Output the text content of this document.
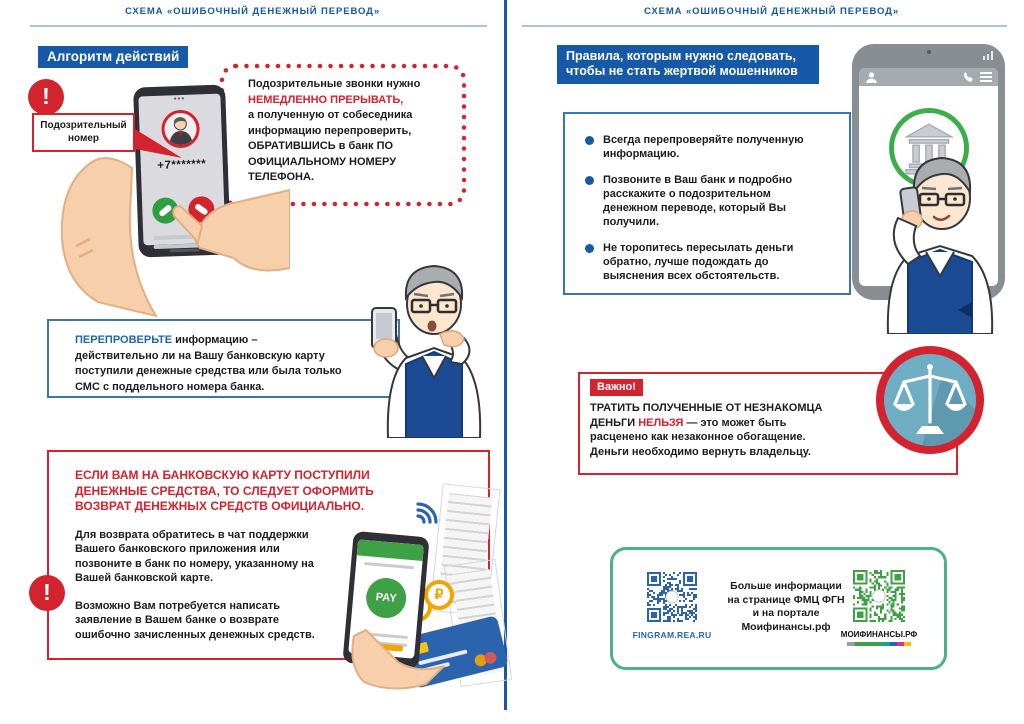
СХЕМА «ОШИБОЧНЫЙ ДЕНЕЖНЫЙ ПЕРЕВОД»
Алгоритм действий

Подозрительные звонки нужно
НЕМЕДЛЕННО ПРЕРЫВАТЬ,
а полученную от собеседника информацию перепроверить,
ОБРАТИВШИСЬ в банк ПО ОФИЦИАЛЬНОМУ НОМЕРУ ТЕЛЕФОНА.

!
Подозрительный номер
•••
+7*******

ПЕРЕПРОВЕРЬТЕ информацию –
действительно ли на Вашу банковскую карту поступили денежные средства или была только СМС с поддельного номера банка.

ЕСЛИ ВАМ НА БАНКОВСКУЮ КАРТУ ПОСТУПИЛИ ДЕНЕЖНЫЕ СРЕДСТВА, ТО СЛЕДУЕТ ОФОРМИТЬ ВОЗВРАТ ДЕНЕЖНЫХ СРЕДСТВ ОФИЦИАЛЬНО.

Для возврата обратитесь в чат поддержки Вашего банковского приложения или позвоните в банк по номеру, указанному на Вашей банковской карте.

Возможно Вам потребуется написать заявление в Вашем банке о возврате ошибочно зачисленных денежных средств.

!	₽
PAY
СХЕМА «ОШИБОЧНЫЙ ДЕНЕЖНЫЙ ПЕРЕВОД»
Правила, которым нужно следовать, чтобы не стать жертвой мошенников

Всегда перепроверяйте полученную информацию.

Позвоните в Ваш банк и подробно расскажите о подозрительном денежном переводе, который Вы получили.

Не торопитесь пересылать деньги обратно, лучше подождать до выяснения всех обстоятельств.

Важно!

ТРАТИТЬ ПОЛУЧЕННЫЕ ОТ НЕЗНАКОМЦА ДЕНЬГИ НЕЛЬЗЯ — это может быть расценено как незаконное обогащение. Деньги необходимо вернуть владельцу.

FINGRAM.REA.RU
Больше информации на странице ФМЦ ФГН и на портале Моифинансы.рф
МОИФИНАНСЫ.РФ
